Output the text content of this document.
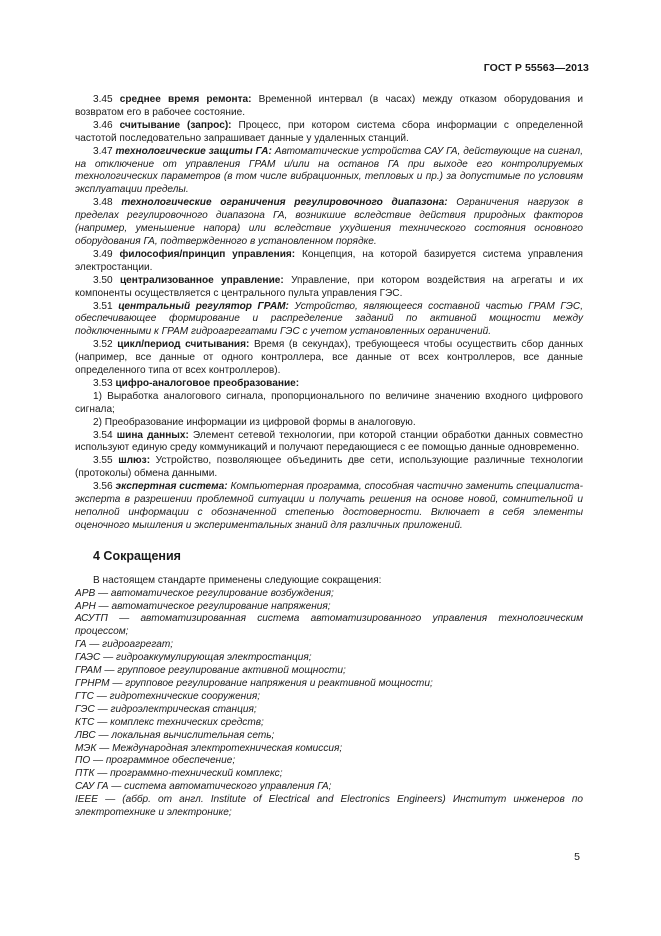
ГОСТ Р 55563—2013

3.45 среднее время ремонта: Временной интервал (в часах) между отказом оборудования и возвратом его в рабочее состояние.

3.46 считывание (запрос): Процесс, при котором система сбора информации с определенной частотой последовательно запрашивает данные у удаленных станций.

3.47 технологические защиты ГА: Автоматические устройства САУ ГА, действующие на сигнал, на отключение от управления ГРАМ и/или на останов ГА при выходе его контролируемых технологических параметров (в том числе вибрационных, тепловых и пр.) за допустимые по условиям эксплуатации пределы.

3.48 технологические ограничения регулировочного диапазона: Ограничения нагрузок в пределах регулировочного диапазона ГА, возникшие вследствие действия природных факторов (например, уменьшение напора) или вследствие ухудшения технического состояния основного оборудования ГА, подтвержденного в установленном порядке.

3.49 философия/принцип управления: Концепция, на которой базируется система управления электростанции.

3.50 централизованное управление: Управление, при котором воздействия на агрегаты и их компоненты осуществляется с центрального пульта управления ГЭС.

3.51 центральный регулятор ГРАМ: Устройство, являющееся составной частью ГРАМ ГЭС, обеспечивающее формирование и распределение заданий по активной мощности между подключенными к ГРАМ гидроагрегатами ГЭС с учетом установленных ограничений.

3.52 цикл/период считывания: Время (в секундах), требующееся чтобы осуществить сбор данных (например, все данные от одного контроллера, все данные от всех контроллеров, все данные определенного типа от всех контроллеров).

3.53 цифро-аналоговое преобразование:

1) Выработка аналогового сигнала, пропорционального по величине значению входного цифрового сигнала;

2) Преобразование информации из цифровой формы в аналоговую.

3.54 шина данных: Элемент сетевой технологии, при которой станции обработки данных совместно используют единую среду коммуникаций и получают передающиеся с ее помощью данные одновременно.

3.55 шлюз: Устройство, позволяющее объединить две сети, использующие различные технологии (протоколы) обмена данными.

3.56 экспертная система: Компьютерная программа, способная частично заменить специалиста-эксперта в разрешении проблемной ситуации и получать решения на основе новой, сомнительной и неполной информации с обозначенной степенью достоверности. Включает в себя элементы оценочного мышления и экспериментальных знаний для различных приложений.

4 Сокращения

В настоящем стандарте применены следующие сокращения:

АРВ — автоматическое регулирование возбуждения;

АРН — автоматическое регулирование напряжения;

АСУТП — автоматизированная система автоматизированного управления технологическим процессом;

ГА — гидроагрегат;

ГАЭС — гидроаккумулирующая электростанция;

ГРАМ — групповое регулирование активной мощности;

ГРНРМ — групповое регулирование напряжения и реактивной мощности;

ГТС — гидротехнические сооружения;

ГЭС — гидроэлектрическая станция;

КТС — комплекс технических средств;

ЛВС — локальная вычислительная сеть;

МЭК — Международная электротехническая комиссия;

ПО — программное обеспечение;

ПТК — программно-технический комплекс;

САУ ГА — система автоматического управления ГА;

IEEE — (аббр. от англ. Institute of Electrical and Electronics Engineers) Институт инженеров по электротехнике и электронике;

5
